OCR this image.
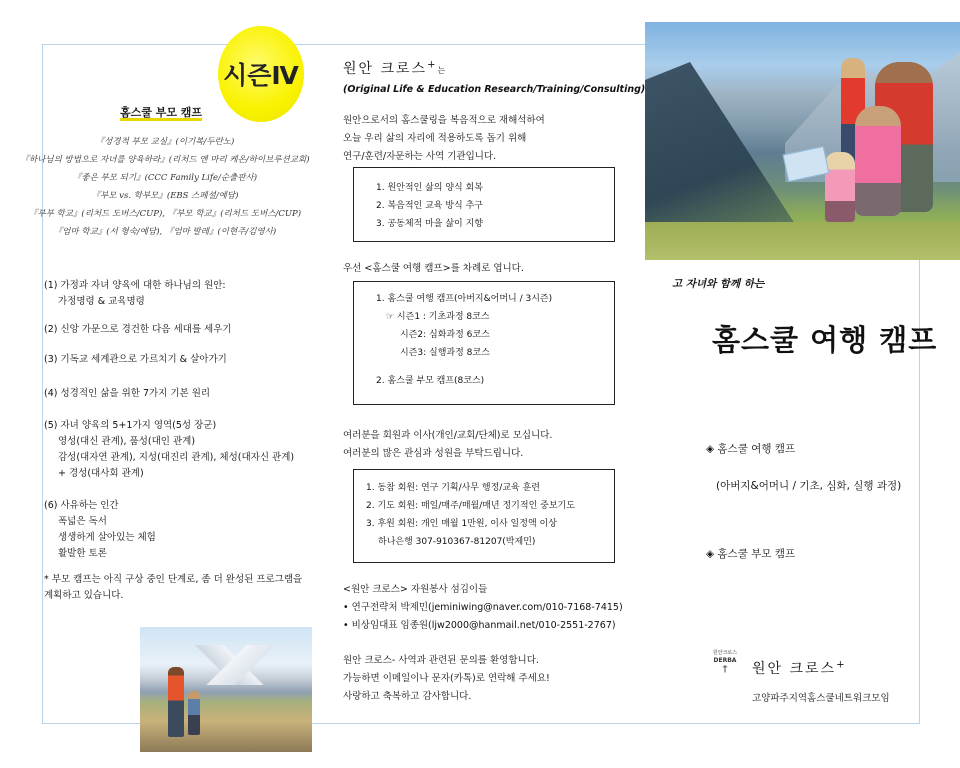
시즌Ⅳ
홈스쿨 부모 캠프
『성경적 부모 교실』(이기복/두란노)
『하나님의 방법으로 자녀를 양육하라』(리처드 앤 마리 케온/하이브루션교회)
『좋은 부모 되기』(CCC Family Life/순출판사)
『부모 vs. 학부모』(EBS 스페셜/예담)
『부부 학교』(리처드 도버스/CUP), 『부모 학교』(리처드 도버스/CUP)
『엄마 학교』(서 형숙/예담), 『엄마 발레』(이현주/김영사)
(1) 가정과 자녀 양육에 대한 하나님의 원안:
가정명령 & 교육명령
(2) 신앙 가문으로 경건한 다음 세대를 세우기
(3) 기독교 세계관으로 가르치기 & 살아가기
(4) 성경적인 삶을 위한 7가지 기본 원리
(5) 자녀 양육의 5+1가지 영역(5성 장군)
영성(대신 관계), 품성(대인 관계)
감성(대자연 관계), 지성(대진리 관계), 체성(대자신 관계)
+ 경성(대사회 관계)
(6) 사유하는 인간
폭넓은 독서
생생하게 살아있는 체험
활발한 토론
* 부모 캠프는 아직 구상 중인 단계로, 좀 더 완성된 프로그램을 계획하고 있습니다.
원안 크로스+는
(Original Life & Education Research/Training/Consulting)
원안으로서의 홈스쿨링을 복음적으로 재해석하여
오늘 우리 삶의 자리에 적용하도록 돕기 위해
연구/훈련/자문하는 사역 기관입니다.
1. 원안적인 삶의 양식 회복
2. 복음적인 교육 방식 추구
3. 공동체적 마을 삶이 지향
우선 <홈스쿨 여행 캠프>를 차례로 엽니다.
1. 홈스쿨 여행 캠프(아버지&어머니 / 3시즌)
☞ 시즌1 : 기초과정 8코스
시즌2: 심화과정 6코스
시즌3: 실행과정 8코스
2. 홈스쿨 부모 캠프(8코스)
여러분을 회원과 이사(개인/교회/단체)로 모십니다.
여러분의 많은 관심과 성원을 부탁드립니다.
1. 동참 회원: 연구 기획/사무 행정/교육 훈련
2. 기도 회원: 매일/매주/매월/매년 정기적인 중보기도
3. 후원 회원: 개인 매월 1만원, 이사 일정액 이상
하나은행 307-910367-81207(박제민)
<원안 크로스> 자원봉사 섬김이들
• 연구전략처 박제민(jeminiwing@naver.com/010-7168-7415)
• 비상임대표 임종원(ljw2000@hanmail.net/010-2551-2767)
원안 크로스- 사역과 관련된 문의를 환영합니다.
가능하면 이메일이나 문자(카톡)로 연락해 주세요!
사랑하고 축복하고 감사합니다.
고 자녀와 함께 하는
홈스쿨 여행 캠프
◈ 홈스쿨 여행 캠프
(아버지&어머니 / 기초, 심화, 실행 과정)
◈ 홈스쿨 부모 캠프
원안크로스
DERBA
†	원안 크로스+
고양파주지역홈스쿨네트워크모임
